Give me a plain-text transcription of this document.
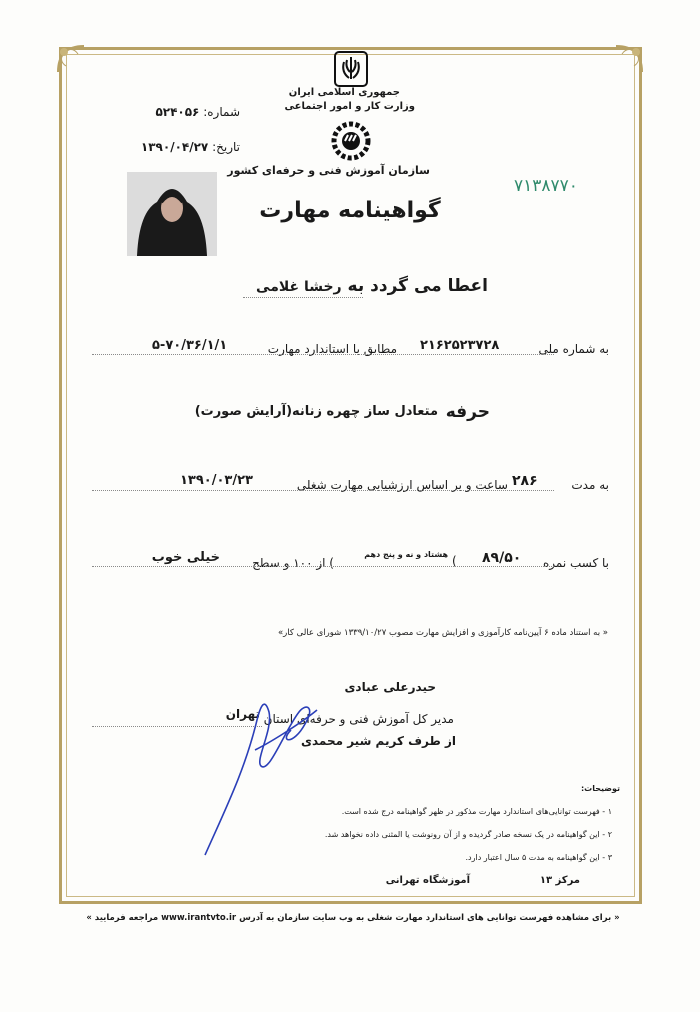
جمهوری اسلامی ایران
وزارت کار و امور اجتماعی
سازمان آموزش فنی و حرفه‌ای کشور
گواهینامه مهارت
شماره: ۵۲۴۰۵۶
تاریخ: ۱۳۹۰/۰۴/۲۷
۷۱۳۸۷۷۰
اعطا می گردد به رخشا غلامی
به شماره ملی
۲۱۶۲۵۲۳۷۲۸
مطابق با استاندارد مهارت
۵-۷۰/۳۶/۱/۱
حرفه
متعادل ساز چهره زنانه(آرایش صورت)
به مدت
۲۸۶
ساعت و بر اساس ارزشیابی مهارت شغلی
۱۳۹۰/۰۳/۲۳
با کسب نمره
۸۹/۵۰
(
هشتاد و نه و پنج دهم
) از ۱۰۰ و سطح
خیلی خوب
« به استناد ماده ۶ آیین‌نامه کارآموزی و افزایش مهارت مصوب ۱۳۳۹/۱۰/۲۷ شورای عالی کار»
حیدرعلی عبادی
مدیر کل آموزش فنی و حرفه‌ای استان
تهران
از طرف کریم شیر محمدی
توضیحات:
۱ - فهرست توانایی‌های استاندارد مهارت مذکور در ظهر گواهینامه درج شده است.
۲ - این گواهینامه در یک نسخه صادر گردیده و از آن رونوشت یا المثنی داده نخواهد شد.
۳ - این گواهینامه به مدت ۵ سال اعتبار دارد.
مرکز ۱۳
آموزشگاه تهرانی
« برای مشاهده فهرست توانایی های استاندارد مهارت شغلی به وب سایت سازمان به آدرس www.irantvto.ir مراجعه فرمایید »
